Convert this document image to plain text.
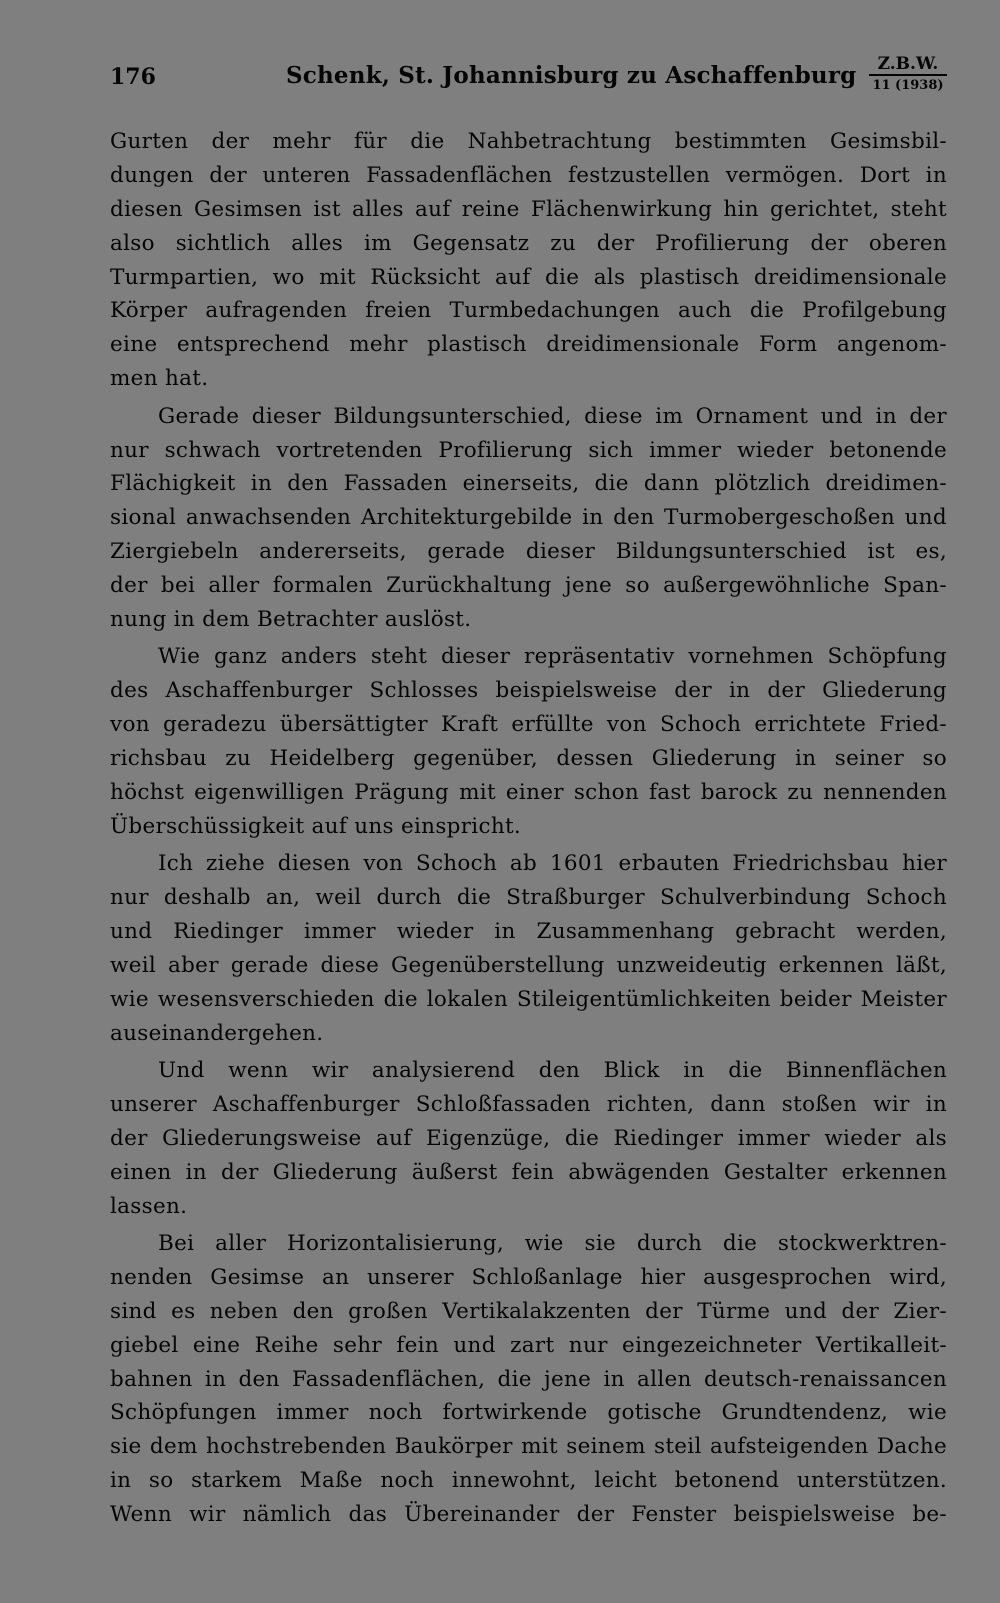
176	Schenk, St. Johannisburg zu Aschaffenburg	Z.B.W.
11 (1938)
Gurten der mehr für die Nahbetrachtung bestimmten Gesimsbil-
dungen der unteren Fassadenflächen festzustellen vermögen. Dort in
diesen Gesimsen ist alles auf reine Flächenwirkung hin gerichtet, steht
also sichtlich alles im Gegensatz zu der Profilierung der oberen
Turmpartien, wo mit Rücksicht auf die als plastisch dreidimensionale
Körper aufragenden freien Turmbedachungen auch die Profilgebung
eine entsprechend mehr plastisch dreidimensionale Form angenom-
men hat.
Gerade dieser Bildungsunterschied, diese im Ornament und in der
nur schwach vortretenden Profilierung sich immer wieder betonende
Flächigkeit in den Fassaden einerseits, die dann plötzlich dreidimen-
sional anwachsenden Architekturgebilde in den Turmobergeschoßen und
Ziergiebeln andererseits, gerade dieser Bildungsunterschied ist es,
der bei aller formalen Zurückhaltung jene so außergewöhnliche Span-
nung in dem Betrachter auslöst.
Wie ganz anders steht dieser repräsentativ vornehmen Schöpfung
des Aschaffenburger Schlosses beispielsweise der in der Gliederung
von geradezu übersättigter Kraft erfüllte von Schoch errichtete Fried-
richsbau zu Heidelberg gegenüber, dessen Gliederung in seiner so
höchst eigenwilligen Prägung mit einer schon fast barock zu nennenden
Überschüssigkeit auf uns einspricht.
Ich ziehe diesen von Schoch ab 1601 erbauten Friedrichsbau hier
nur deshalb an, weil durch die Straßburger Schulverbindung Schoch
und Riedinger immer wieder in Zusammenhang gebracht werden,
weil aber gerade diese Gegenüberstellung unzweideutig erkennen läßt,
wie wesensverschieden die lokalen Stileigentümlichkeiten beider Meister
auseinandergehen.
Und wenn wir analysierend den Blick in die Binnenflächen
unserer Aschaffenburger Schloßfassaden richten, dann stoßen wir in
der Gliederungsweise auf Eigenzüge, die Riedinger immer wieder als
einen in der Gliederung äußerst fein abwägenden Gestalter erkennen
lassen.
Bei aller Horizontalisierung, wie sie durch die stockwerktren-
nenden Gesimse an unserer Schloßanlage hier ausgesprochen wird,
sind es neben den großen Vertikalakzenten der Türme und der Zier-
giebel eine Reihe sehr fein und zart nur eingezeichneter Vertikalleit-
bahnen in den Fassadenflächen, die jene in allen deutsch-renaissancen
Schöpfungen immer noch fortwirkende gotische Grundtendenz, wie
sie dem hochstrebenden Baukörper mit seinem steil aufsteigenden Dache
in so starkem Maße noch innewohnt, leicht betonend unterstützen.
Wenn wir nämlich das Übereinander der Fenster beispielsweise be-
